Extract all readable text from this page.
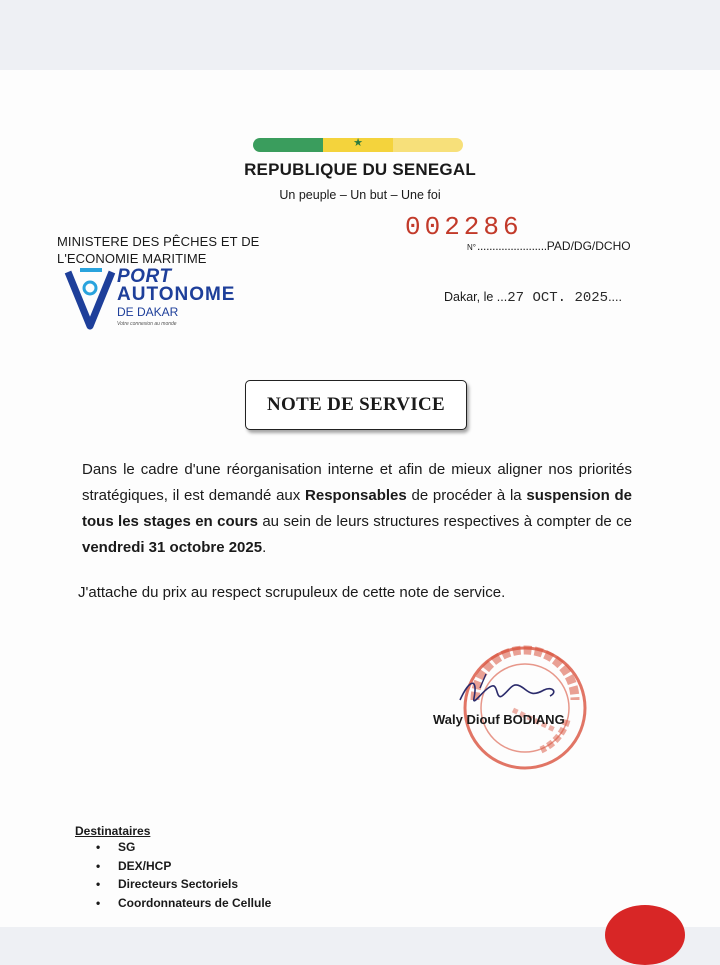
★
REPUBLIQUE DU SENEGAL
Un peuple – Un but – Une foi
MINISTERE DES PÊCHES ET DE
L'ECONOMIE MARITIME
PORT
AUTONOME
DE DAKAR
Votre connexion au monde
002286
N°.......................PAD/DG/DCHO
Dakar, le ...27 OCT. 2025....
NOTE DE SERVICE
Dans le cadre d'une réorganisation interne et afin de mieux aligner nos priorités stratégiques, il est demandé aux Responsables de procéder à la suspension de tous les stages en cours au sein de leurs structures respectives à compter de ce vendredi 31 octobre 2025.
J'attache du prix au respect scrupuleux de cette note de service.
Waly Diouf BODIANG
Destinataires
• SG
• DEX/HCP
• Directeurs Sectoriels
• Coordonnateurs de Cellule
